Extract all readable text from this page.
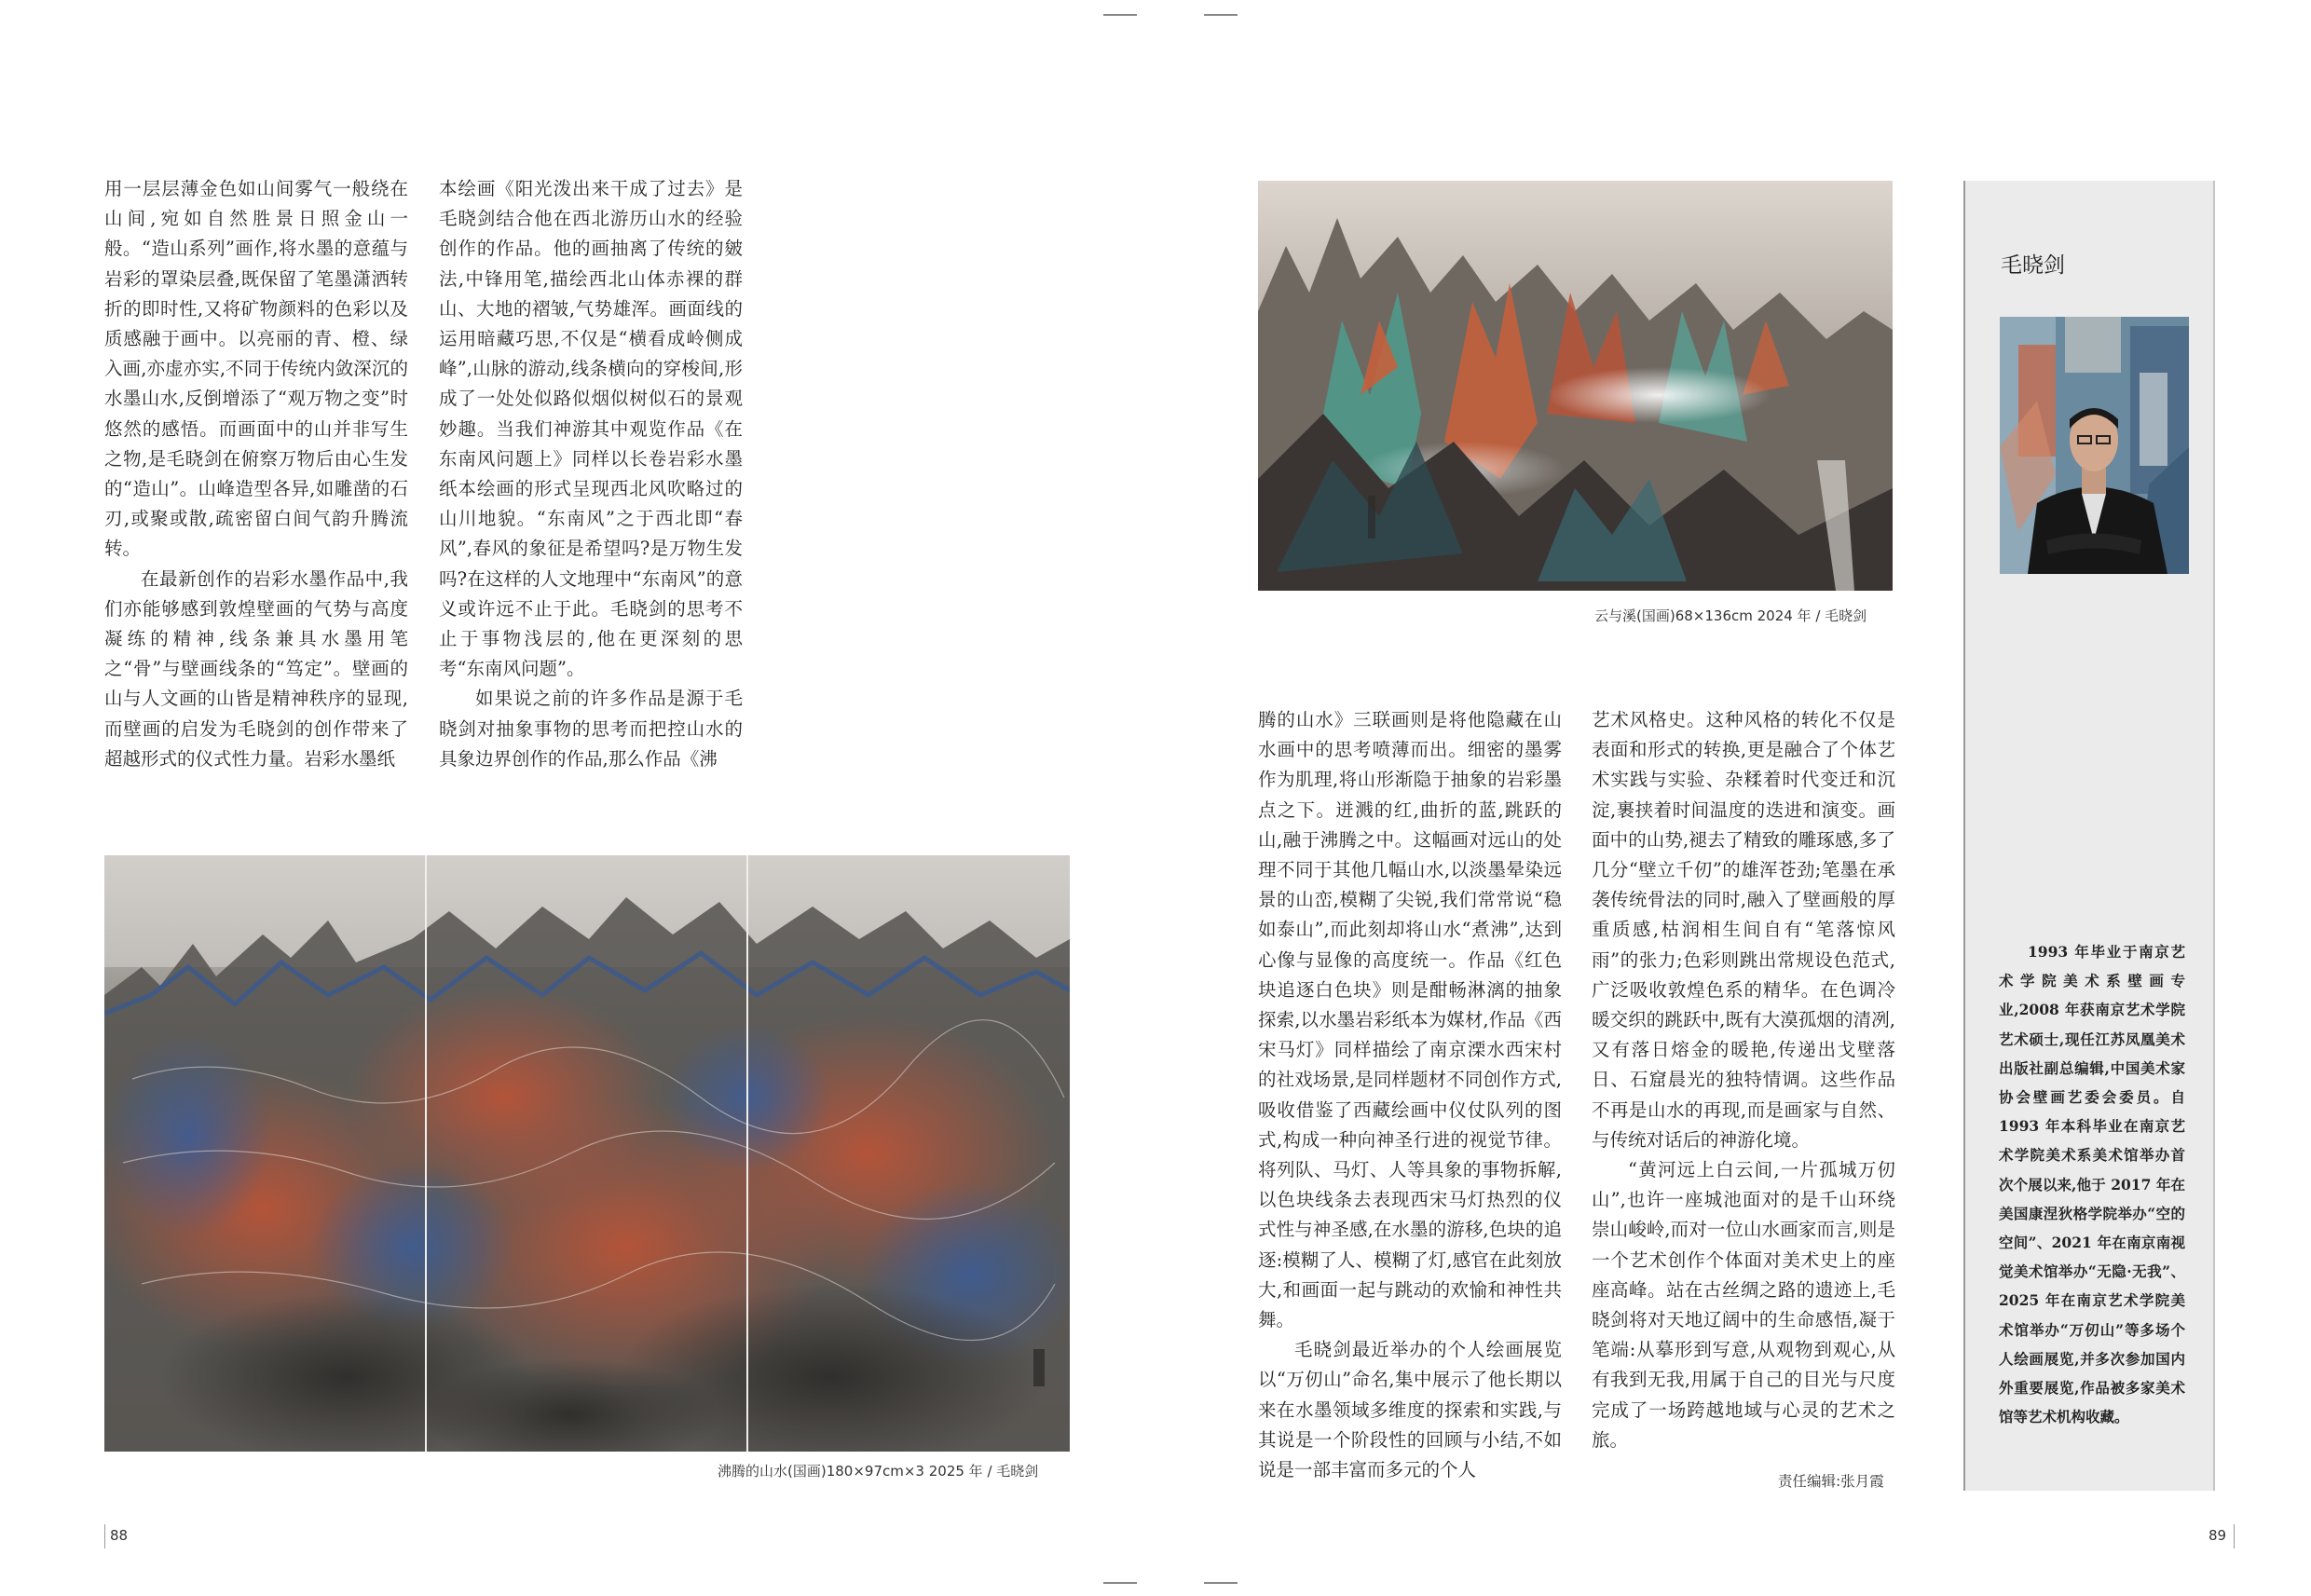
用一层层薄金色如山间雾气一般绕在山间,宛如自然胜景日照金山一般。“造山系列”画作,将水墨的意蕴与岩彩的罩染层叠,既保留了笔墨潇洒转折的即时性,又将矿物颜料的色彩以及质感融于画中。以亮丽的青、橙、绿入画,亦虚亦实,不同于传统内敛深沉的水墨山水,反倒增添了“观万物之变”时悠然的感悟。而画面中的山并非写生之物,是毛晓剑在俯察万物后由心生发的“造山”。山峰造型各异,如雕凿的石刃,或聚或散,疏密留白间气韵升腾流转。

在最新创作的岩彩水墨作品中,我们亦能够感到敦煌壁画的气势与高度凝练的精神,线条兼具水墨用笔之“骨”与壁画线条的“笃定”。壁画的山与人文画的山皆是精神秩序的显现,而壁画的启发为毛晓剑的创作带来了超越形式的仪式性力量。岩彩水墨纸

本绘画《阳光泼出来干成了过去》是毛晓剑结合他在西北游历山水的经验创作的作品。他的画抽离了传统的皴法,中锋用笔,描绘西北山体赤裸的群山、大地的褶皱,气势雄浑。画面线的运用暗藏巧思,不仅是“横看成岭侧成峰”,山脉的游动,线条横向的穿梭间,形成了一处处似路似烟似树似石的景观妙趣。当我们神游其中观览作品《在东南风问题上》同样以长卷岩彩水墨纸本绘画的形式呈现西北风吹略过的山川地貌。“东南风”之于西北即“春风”,春风的象征是希望吗?是万物生发吗?在这样的人文地理中“东南风”的意义或许远不止于此。毛晓剑的思考不止于事物浅层的,他在更深刻的思考“东南风问题”。

如果说之前的许多作品是源于毛晓剑对抽象事物的思考而把控山水的具象边界创作的作品,那么作品《沸

沸腾的山水(国画)180×97cm×3 2025 年 / 毛晓剑
88
云与溪(国画)68×136cm 2024 年 / 毛晓剑

腾的山水》三联画则是将他隐藏在山水画中的思考喷薄而出。细密的墨雾作为肌理,将山形渐隐于抽象的岩彩墨点之下。迸溅的红,曲折的蓝,跳跃的山,融于沸腾之中。这幅画对远山的处理不同于其他几幅山水,以淡墨晕染远景的山峦,模糊了尖锐,我们常常说“稳如泰山”,而此刻却将山水“煮沸”,达到心像与显像的高度统一。作品《红色块追逐白色块》则是酣畅淋漓的抽象探索,以水墨岩彩纸本为媒材,作品《西宋马灯》同样描绘了南京溧水西宋村的社戏场景,是同样题材不同创作方式,吸收借鉴了西藏绘画中仪仗队列的图式,构成一种向神圣行进的视觉节律。将列队、马灯、人等具象的事物拆解,以色块线条去表现西宋马灯热烈的仪式性与神圣感,在水墨的游移,色块的追逐:模糊了人、模糊了灯,感官在此刻放大,和画面一起与跳动的欢愉和神性共舞。

毛晓剑最近举办的个人绘画展览以“万仞山”命名,集中展示了他长期以来在水墨领域多维度的探索和实践,与其说是一个阶段性的回顾与小结,不如说是一部丰富而多元的个人

艺术风格史。这种风格的转化不仅是表面和形式的转换,更是融合了个体艺术实践与实验、杂糅着时代变迁和沉淀,裹挟着时间温度的迭进和演变。画面中的山势,褪去了精致的雕琢感,多了几分“壁立千仞”的雄浑苍劲;笔墨在承袭传统骨法的同时,融入了壁画般的厚重质感,枯润相生间自有“笔落惊风雨”的张力;色彩则跳出常规设色范式,广泛吸收敦煌色系的精华。在色调冷暖交织的跳跃中,既有大漠孤烟的清冽,又有落日熔金的暖艳,传递出戈壁落日、石窟晨光的独特情调。这些作品不再是山水的再现,而是画家与自然、与传统对话后的神游化境。

“黄河远上白云间,一片孤城万仞山”,也许一座城池面对的是千山环绕崇山峻岭,而对一位山水画家而言,则是一个艺术创作个体面对美术史上的座座高峰。站在古丝绸之路的遗迹上,毛晓剑将对天地辽阔中的生命感悟,凝于笔端:从摹形到写意,从观物到观心,从有我到无我,用属于自己的目光与尺度完成了一场跨越地域与心灵的艺术之旅。

责任编辑:张月霞
毛晓剑

1993 年毕业于南京艺术学院美术系壁画专业,2008 年获南京艺术学院艺术硕士,现任江苏凤凰美术出版社副总编辑,中国美术家协会壁画艺委会委员。自 1993 年本科毕业在南京艺术学院美术系美术馆举办首次个展以来,他于 2017 年在美国康涅狄格学院举办“空的空间”、2021 年在南京南视觉美术馆举办“无隐·无我”、2025 年在南京艺术学院美术馆举办“万仞山”等多场个人绘画展览,并多次参加国内外重要展览,作品被多家美术馆等艺术机构收藏。

89
